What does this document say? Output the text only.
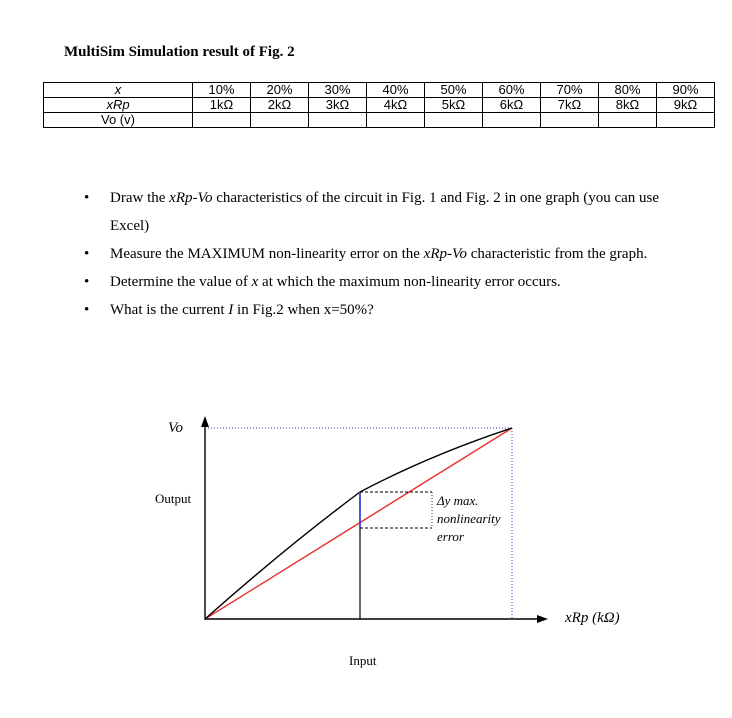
MultiSim Simulation result of Fig. 2
x	10%	20%	30%	40%	50%	60%	70%	80%	90%
xRp	1kΩ	2kΩ	3kΩ	4kΩ	5kΩ	6kΩ	7kΩ	8kΩ	9kΩ
Vo (v)									
• Draw the xRp-Vo characteristics of the circuit in Fig. 1 and Fig. 2 in one graph (you can use Excel)
• Measure the MAXIMUM non-linearity error on the xRp-Vo characteristic from the graph.
• Determine the value of x at which the maximum non-linearity error occurs.
• What is the current I in Fig.2 when x=50%?
Vo
Output
Input
xRp (kΩ)
Δy max.
nonlinearity
error
